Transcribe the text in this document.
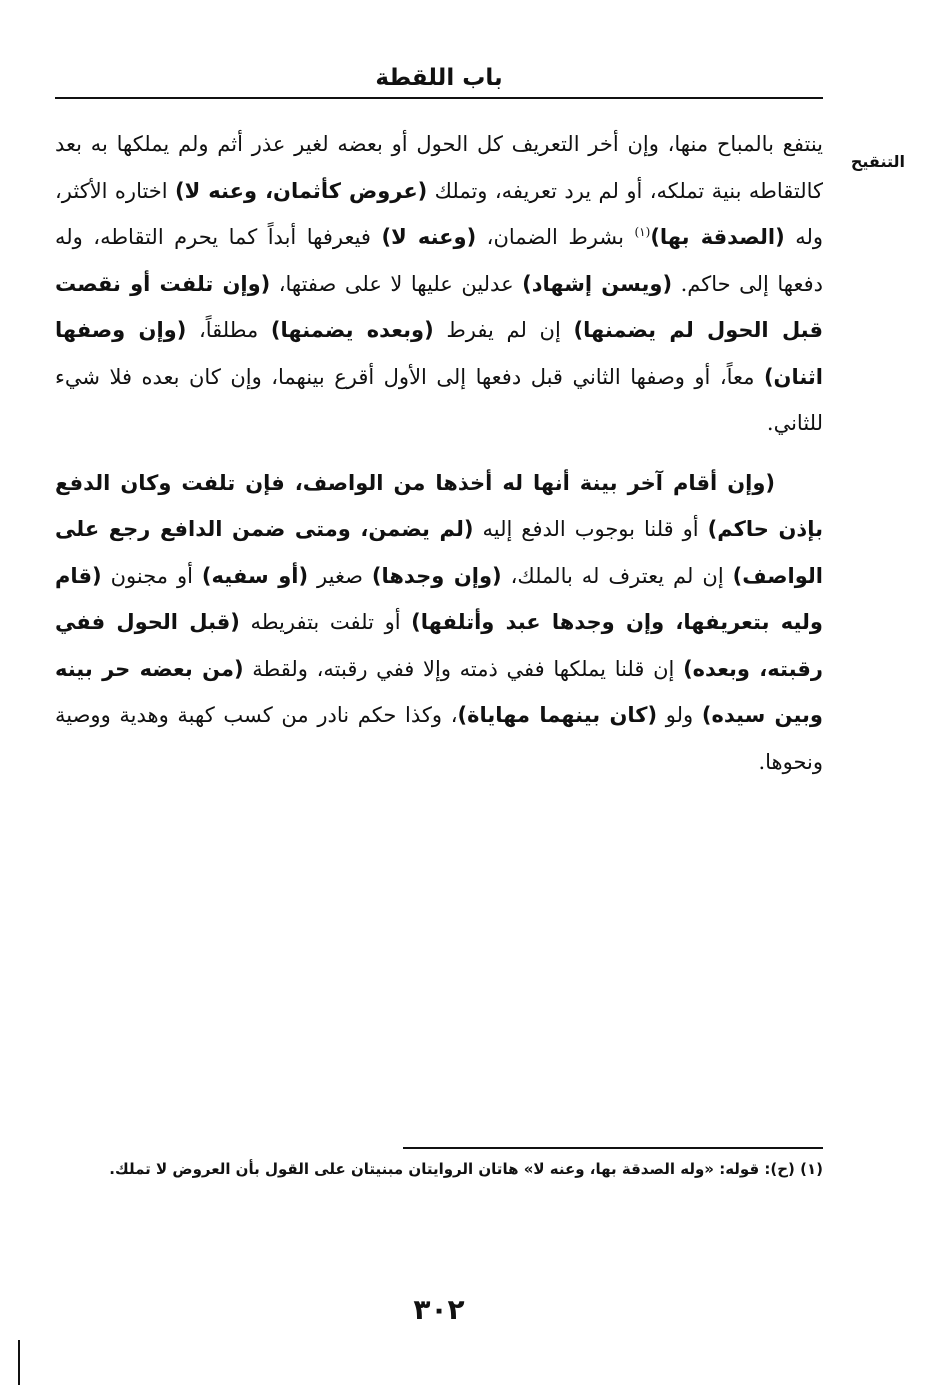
باب اللقطة
التنقيح

ينتفع بالمباح منها، وإن أخر التعريف كل الحول أو بعضه لغير عذر أثم ولم يملكها به بعد كالتقاطه بنية تملكه، أو لم يرد تعريفه، وتملك (عروض كأثمان، وعنه لا) اختاره الأكثر، وله (الصدقة بها)$^{(١)}$ بشرط الضمان، (وعنه لا) فيعرفها أبداً كما يحرم التقاطه، وله دفعها إلى حاكم. (ويسن إشهاد) عدلين عليها لا على صفتها، (وإن تلفت أو نقصت قبل الحول لم يضمنها) إن لم يفرط (وبعده يضمنها) مطلقاً، (وإن وصفها اثنان) معاً، أو وصفها الثاني قبل دفعها إلى الأول أقرع بينهما، وإن كان بعده فلا شيء للثاني.

(وإن أقام آخر بينة أنها له أخذها من الواصف، فإن تلفت وكان الدفع بإذن حاكم) أو قلنا بوجوب الدفع إليه (لم يضمن، ومتى ضمن الدافع رجع على الواصف) إن لم يعترف له بالملك، (وإن وجدها) صغير (أو سفيه) أو مجنون (قام وليه بتعريفها، وإن وجدها عبد وأتلفها) أو تلفت بتفريطه (قبل الحول ففي رقبته، وبعده) إن قلنا يملكها ففي ذمته وإلا ففي رقبته، ولقطة (من بعضه حر بينه وبين سيده) ولو (كان بينهما مهاياة)، وكذا حكم نادر من كسب كهبة وهدية ووصية ونحوها.

(١) (ح): قوله: «وله الصدقة بها، وعنه لا» هاتان الروايتان مبنيتان على القول بأن العروض لا تملك.
٣٠٢
